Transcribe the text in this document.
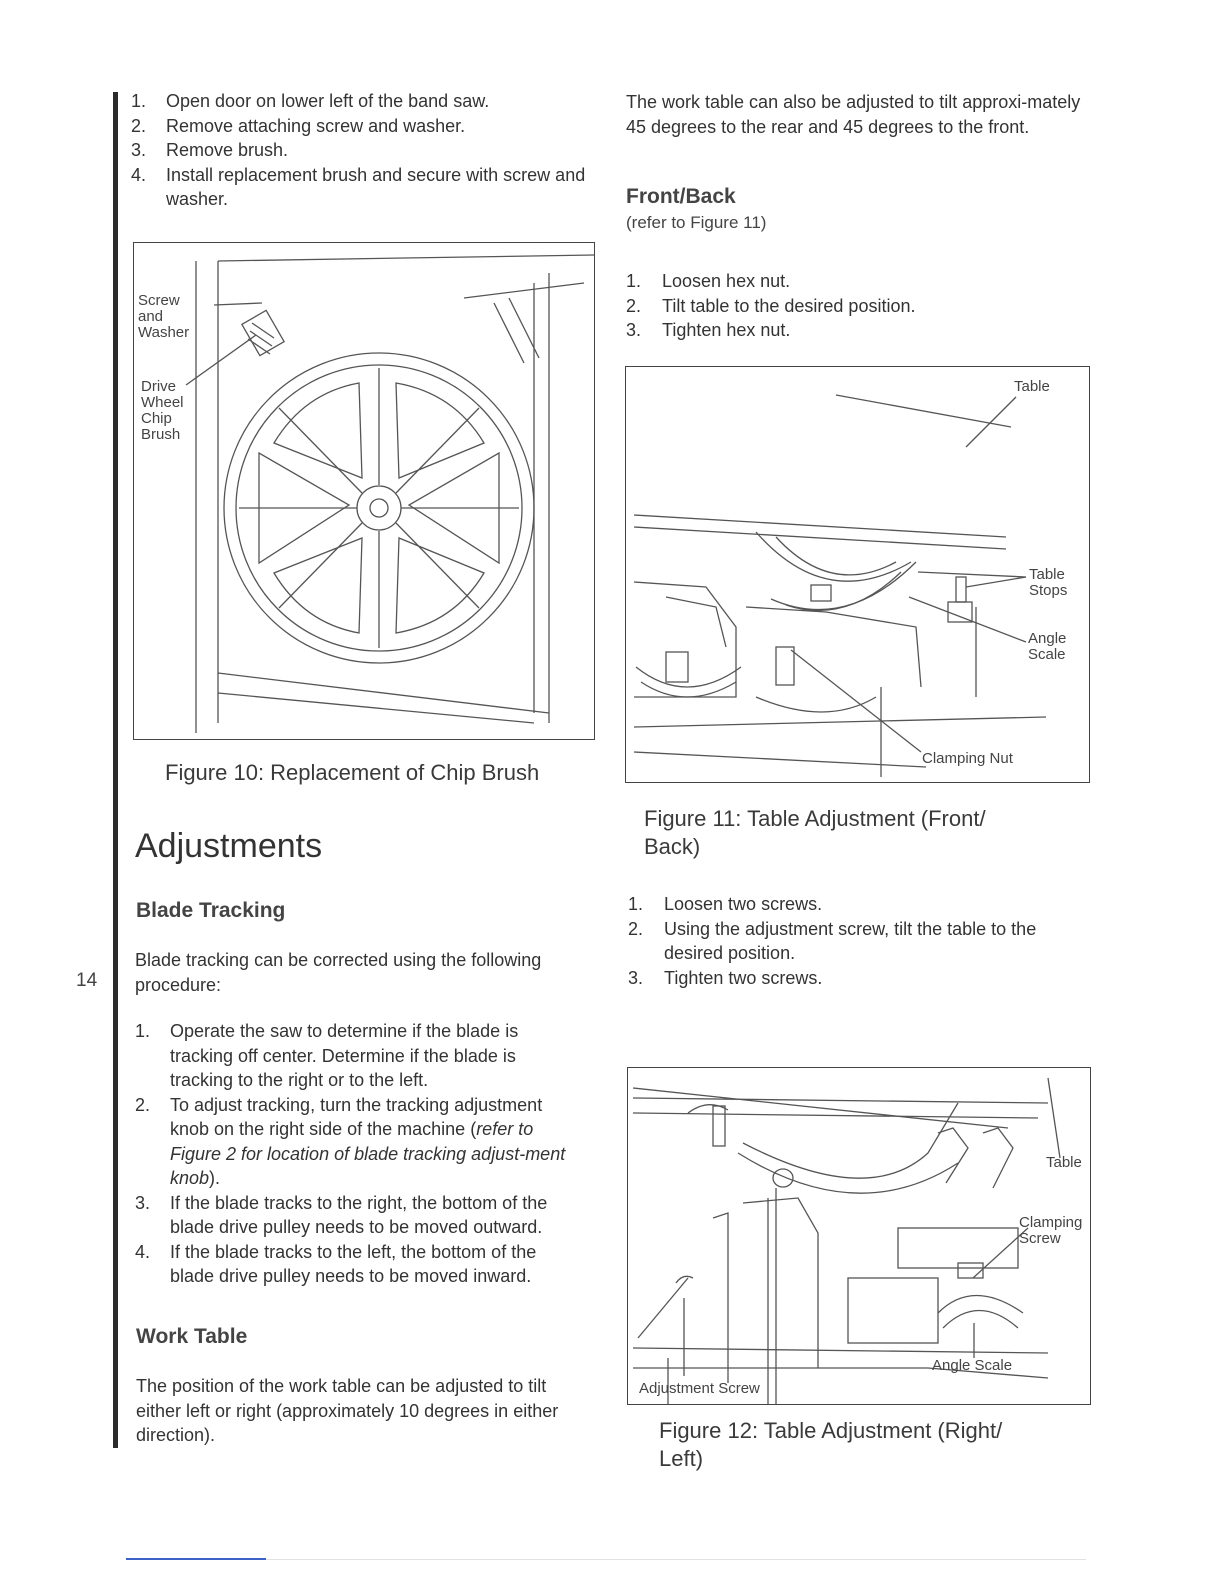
14
1. Open door on lower left of the band saw.
2. Remove attaching screw and washer.
3. Remove brush.
4. Install replacement brush and secure with screw and washer.
Screw
and
Washer
Drive
Wheel
Chip
Brush
Figure 10: Replacement of Chip Brush
Adjustments
Blade Tracking
Blade tracking can be corrected using the following procedure:
1. Operate the saw to determine if the blade is tracking off center. Determine if the blade is tracking to the right or to the left.
2. To adjust tracking, turn the tracking adjustment knob on the right side of the machine (refer to Figure 2 for location of blade tracking adjust-ment knob).
3. If the blade tracks to the right, the bottom of the blade drive pulley needs to be moved outward.
4. If the blade tracks to the left, the bottom of the blade drive pulley needs to be moved inward.
Work Table
The position of the work table can be adjusted to tilt either left or right (approximately 10 degrees in either direction).
The work table can also be adjusted to tilt approxi-mately 45 degrees to the rear and 45 degrees to the front.
Front/Back
(refer to Figure 11)
1. Loosen hex nut.
2. Tilt table to the desired position.
3. Tighten hex nut.
Table
Table
Stops
Angle
Scale
Clamping Nut
Figure 11: Table Adjustment (Front/ Back)
1. Loosen two screws.
2. Using the adjustment screw, tilt the table to the desired position.
3. Tighten two screws.
Table
Clamping
Screw
Angle Scale
Adjustment Screw
Figure 12: Table Adjustment (Right/ Left)
